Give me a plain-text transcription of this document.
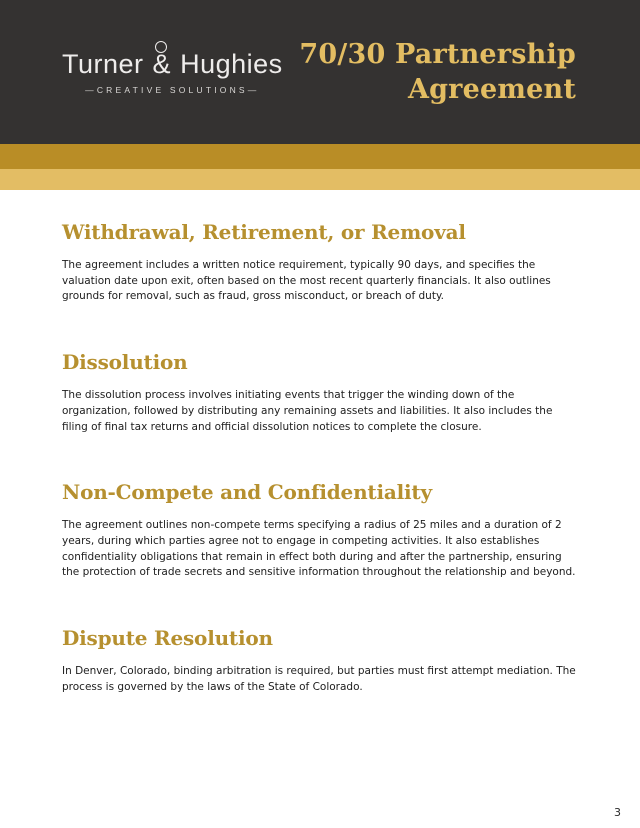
Turner & Hughies
—CREATIVE SOLUTIONS—
70/30 Partnership
Agreement
Withdrawal, Retirement, or Removal
The agreement includes a written notice requirement, typically 90 days, and specifies the valuation date upon exit, often based on the most recent quarterly financials. It also outlines grounds for removal, such as fraud, gross misconduct, or breach of duty.
Dissolution
The dissolution process involves initiating events that trigger the winding down of the organization, followed by distributing any remaining assets and liabilities. It also includes the filing of final tax returns and official dissolution notices to complete the closure.
Non-Compete and Confidentiality
The agreement outlines non-compete terms specifying a radius of 25 miles and a duration of 2 years, during which parties agree not to engage in competing activities. It also establishes confidentiality obligations that remain in effect both during and after the partnership, ensuring the protection of trade secrets and sensitive information throughout the relationship and beyond.
Dispute Resolution
In Denver, Colorado, binding arbitration is required, but parties must first attempt mediation. The process is governed by the laws of the State of Colorado.
3
